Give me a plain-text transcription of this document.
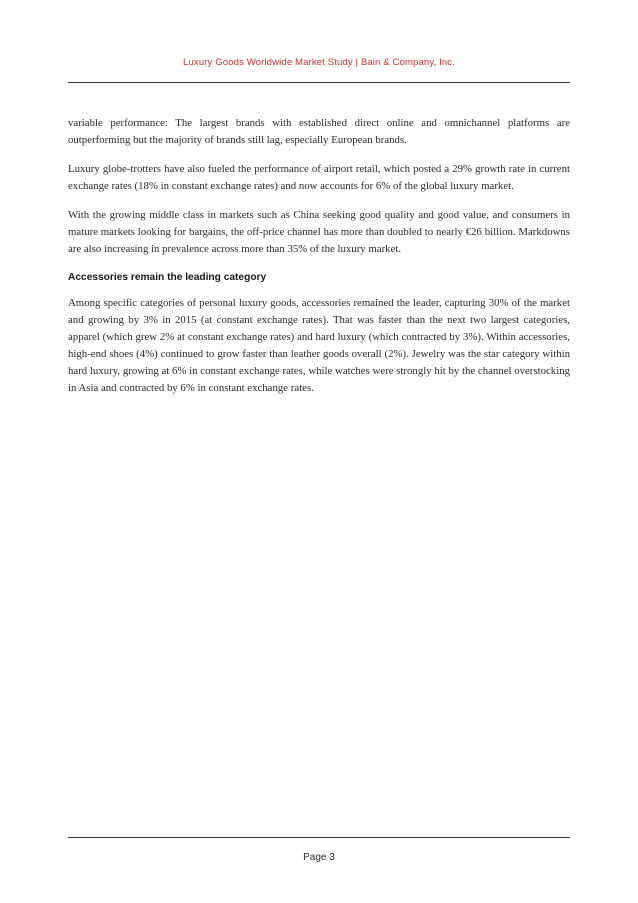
Luxury Goods Worldwide Market Study | Bain & Company, Inc.

variable performance: The largest brands with established direct online and omnichannel platforms are outperforming but the majority of brands still lag, especially European brands.

Luxury globe-trotters have also fueled the performance of airport retail, which posted a 29% growth rate in current exchange rates (18% in constant exchange rates) and now accounts for 6% of the global luxury market.

With the growing middle class in markets such as China seeking good quality and good value, and consumers in mature markets looking for bargains, the off-price channel has more than doubled to nearly €26 billion. Markdowns are also increasing in prevalence across more than 35% of the luxury market.

Accessories remain the leading category

Among specific categories of personal luxury goods, accessories remained the leader, capturing 30% of the market and growing by 3% in 2015 (at constant exchange rates). That was faster than the next two largest categories, apparel (which grew 2% at constant exchange rates) and hard luxury (which contracted by 3%). Within accessories, high-end shoes (4%) continued to grow faster than leather goods overall (2%). Jewelry was the star category within hard luxury, growing at 6% in constant exchange rates, while watches were strongly hit by the channel overstocking in Asia and contracted by 6% in constant exchange rates.

Page 3
